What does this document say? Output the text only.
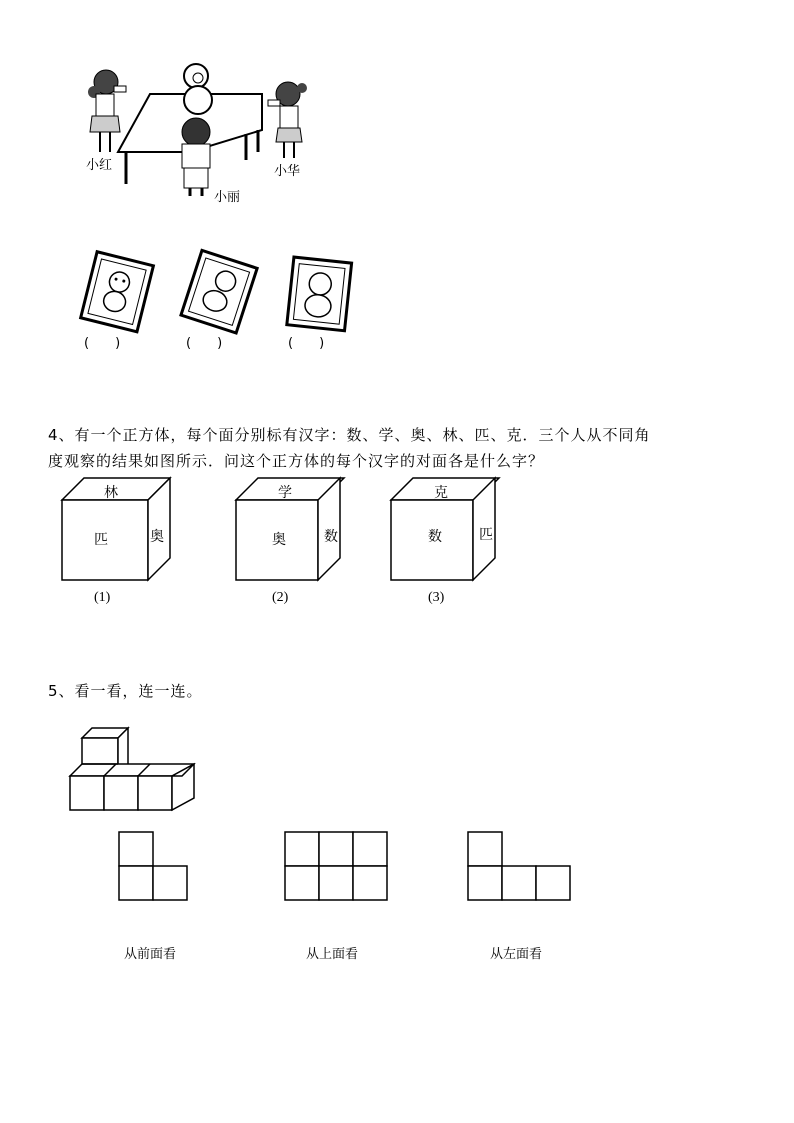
小红	小华
小丽
(　　)	(　　)	(　　)
4、有一个正方体，每个面分别标有汉字：数、学、奥、林、匹、克．三个人从不同角
度观察的结果如图所示．问这个正方体的每个汉字的对面各是什么字？
林
匹	奥
(1)
学
奥	数
(2)
克
数	匹
(3)
5、看一看，连一连。
从前面看	从上面看	从左面看
